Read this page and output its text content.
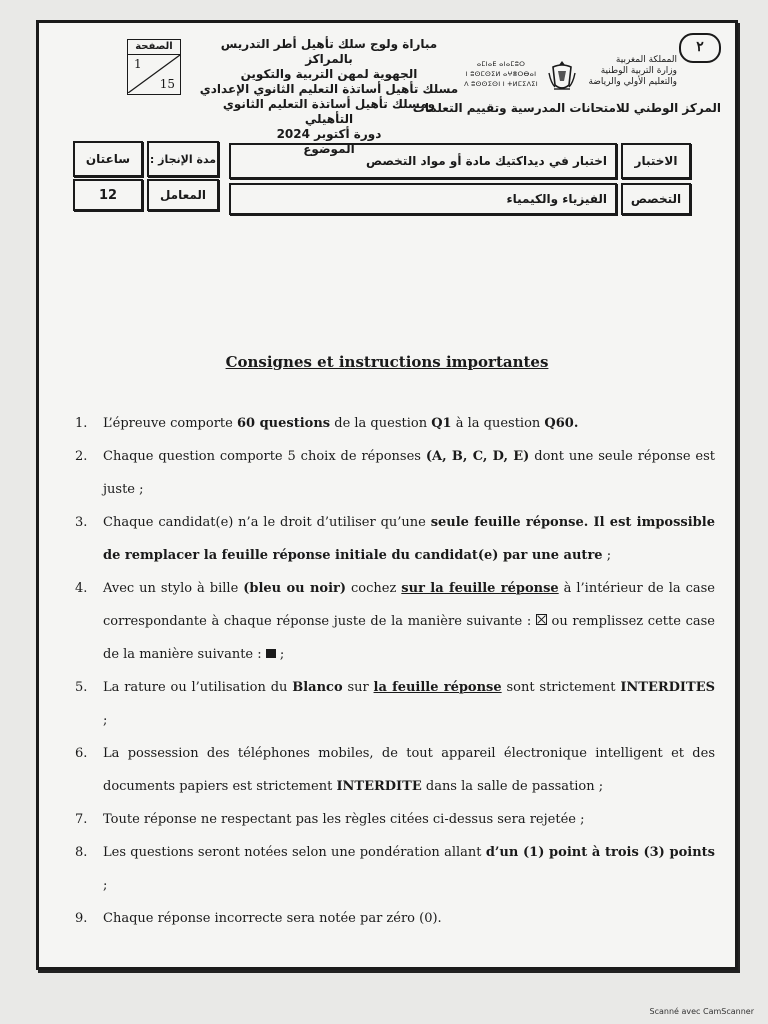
٢
المملكة المغربية
وزارة التربية الوطنية
والتعليم الأولي والرياضة
المركز الوطني للامتحانات المدرسية وتقييم التعلمات
ⴰⵎⵏⴰⴹ ⴰⵏⴰⵎⵓⵔ
ⵏ ⵓⵙⵎⵙⵉⵍ ⴰⵖⴻⵔⴱⴰⵏ
ⴷ ⵓⵙⵙⵉⵙⵏ ⵏ ⵜⵍⵎⵉⴷⵉⵏ
مباراة ولوج سلك تأهيل أطر التدريس بالمراكز
الجهوية لمهن التربية والتكوين
مسلك تأهيل أساتذة التعليم الثانوي الإعدادي
ومسلك تأهيل أساتذة التعليم الثانوي التأهيلي
دورة أكتوبر 2024
الموضوع
الصفحة
1
15
الاختبار
اختبار في ديداكتيك مادة أو مواد التخصص
مدة الإنجاز :
ساعتان
التخصص
الفيزياء والكيمياء
المعامل
12
Consignes et instructions importantes
1. L’épreuve comporte 60 questions de la question Q1 à la question Q60.
2. Chaque question comporte 5 choix de réponses (A, B, C, D, E) dont une seule réponse est juste ;
3. Chaque candidat(e) n’a le droit d’utiliser qu’une seule feuille réponse. Il est impossible de remplacer la feuille réponse initiale du candidat(e) par une autre ;
4. Avec un stylo à bille (bleu ou noir) cochez sur la feuille réponse à l’intérieur de la case correspondante à chaque réponse juste de la manière suivante : ☒ ou remplissez cette case de la manière suivante :  ;
5. La rature ou l’utilisation du Blanco sur la feuille réponse sont strictement INTERDITES ;
6. La possession des téléphones mobiles, de tout appareil électronique intelligent et des documents papiers est strictement INTERDITE dans la salle de passation ;
7. Toute réponse ne respectant pas les règles citées ci-dessus sera rejetée ;
8. Les questions seront notées selon une pondération allant d’un (1) point à trois (3) points ;
9. Chaque réponse incorrecte sera notée par zéro (0).
Scanné avec CamScanner
